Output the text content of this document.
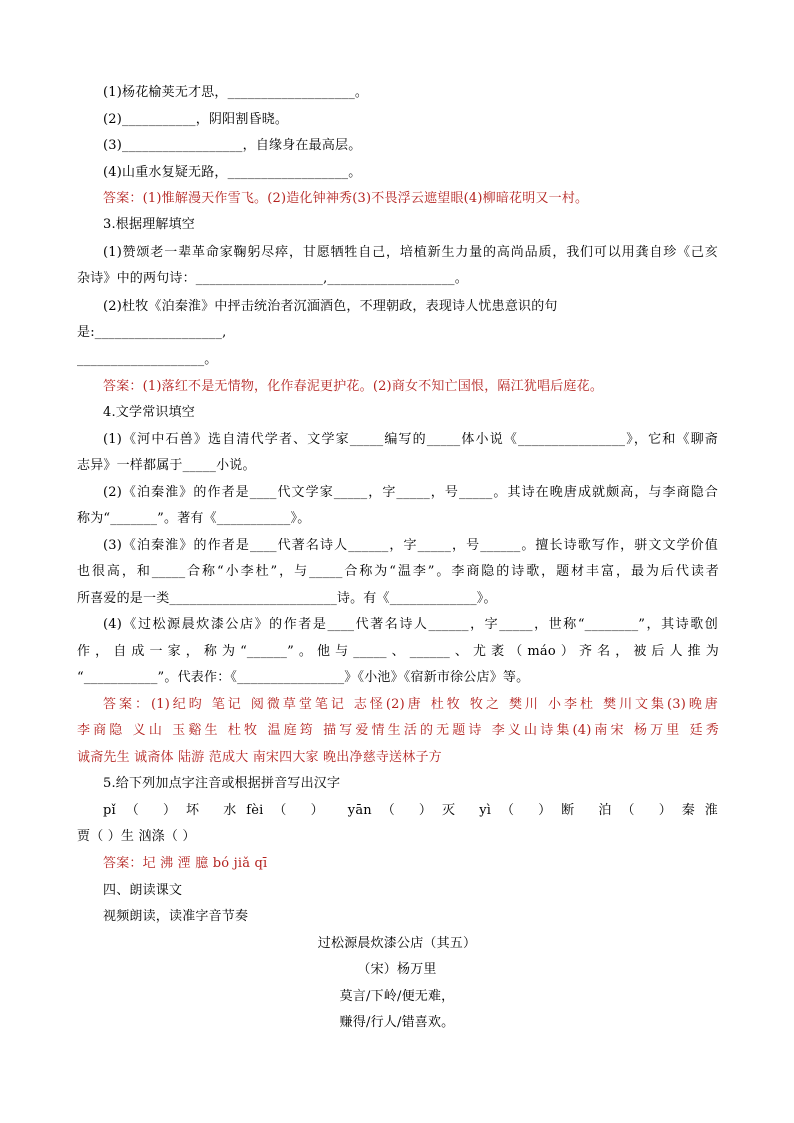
(1)杨花榆荚无才思，___________________。
(2)___________，阴阳割昏晓。
(3)__________________，自缘身在最高层。
(4)山重水复疑无路，__________________。
答案：(1)惟解漫天作雪飞。(2)造化钟神秀(3)不畏浮云遮望眼(4)柳暗花明又一村。
3.根据理解填空
(1)赞颂老一辈革命家鞠躬尽瘁，甘愿牺牲自己，培植新生力量的高尚品质，我们可以用龚自珍《己亥
杂诗》中的两句诗：___________________,___________________。
(2)杜牧《泊秦淮》中抨击统治者沉湎酒色，不理朝政，表现诗人忧患意识的句
是:___________________,
___________________。
答案：(1)落红不是无情物，化作春泥更护花。(2)商女不知亡国恨，隔江犹唱后庭花。
4.文学常识填空
(1)《河中石兽》选自清代学者、文学家_____编写的_____体小说《________________》，它和《聊斋
志异》一样都属于_____小说。
(2)《泊秦淮》的作者是____代文学家_____，字_____，号_____。其诗在晚唐成就颇高，与李商隐合
称为“_______”。著有《___________》。
(3)《泊秦淮》的作者是____代著名诗人______，字_____，号______。擅长诗歌写作，骈文文学价值
也很高，和_____合称“小李杜”，与_____合称为“温李”。李商隐的诗歌，题材丰富，最为后代读者
所喜爱的是一类_________________________诗。有《_____________》。
(4)《过松源晨炊漆公店》的作者是____代著名诗人______，字_____，世称“________”，其诗歌创
作，自成一家，称为“______”。他与_____、______、尤袤（máo）齐名，被后人推为
“___________”。代表作：《________________》《小池》《宿新市徐公店》等。
答案：(1)纪昀 笔记 阅微草堂笔记 志怪(2)唐 杜牧 牧之 樊川 小李杜 樊川文集(3)晚唐
李商隐 义山 玉谿生 杜牧 温庭筠 描写爱情生活的无题诗 李义山诗集(4)南宋 杨万里 廷秀
诚斋先生 诚斋体 陆游 范成大 南宋四大家 晚出净慈寺送林子方
5.给下列加点字注音或根据拼音写出汉字
pǐ（ ）坏 水fèi（ ） yān（ ）灭 yì（ ）断 泊（ ）秦淮
贾（ ）生 汹涤（ ）
答案：圮 沸 湮 臆 bó jiǎ qī
四、朗读课文
视频朗读，读准字音节奏
过松源晨炊漆公店（其五）
（宋）杨万里
莫言/下岭/便无难，
赚得/行人/错喜欢。
